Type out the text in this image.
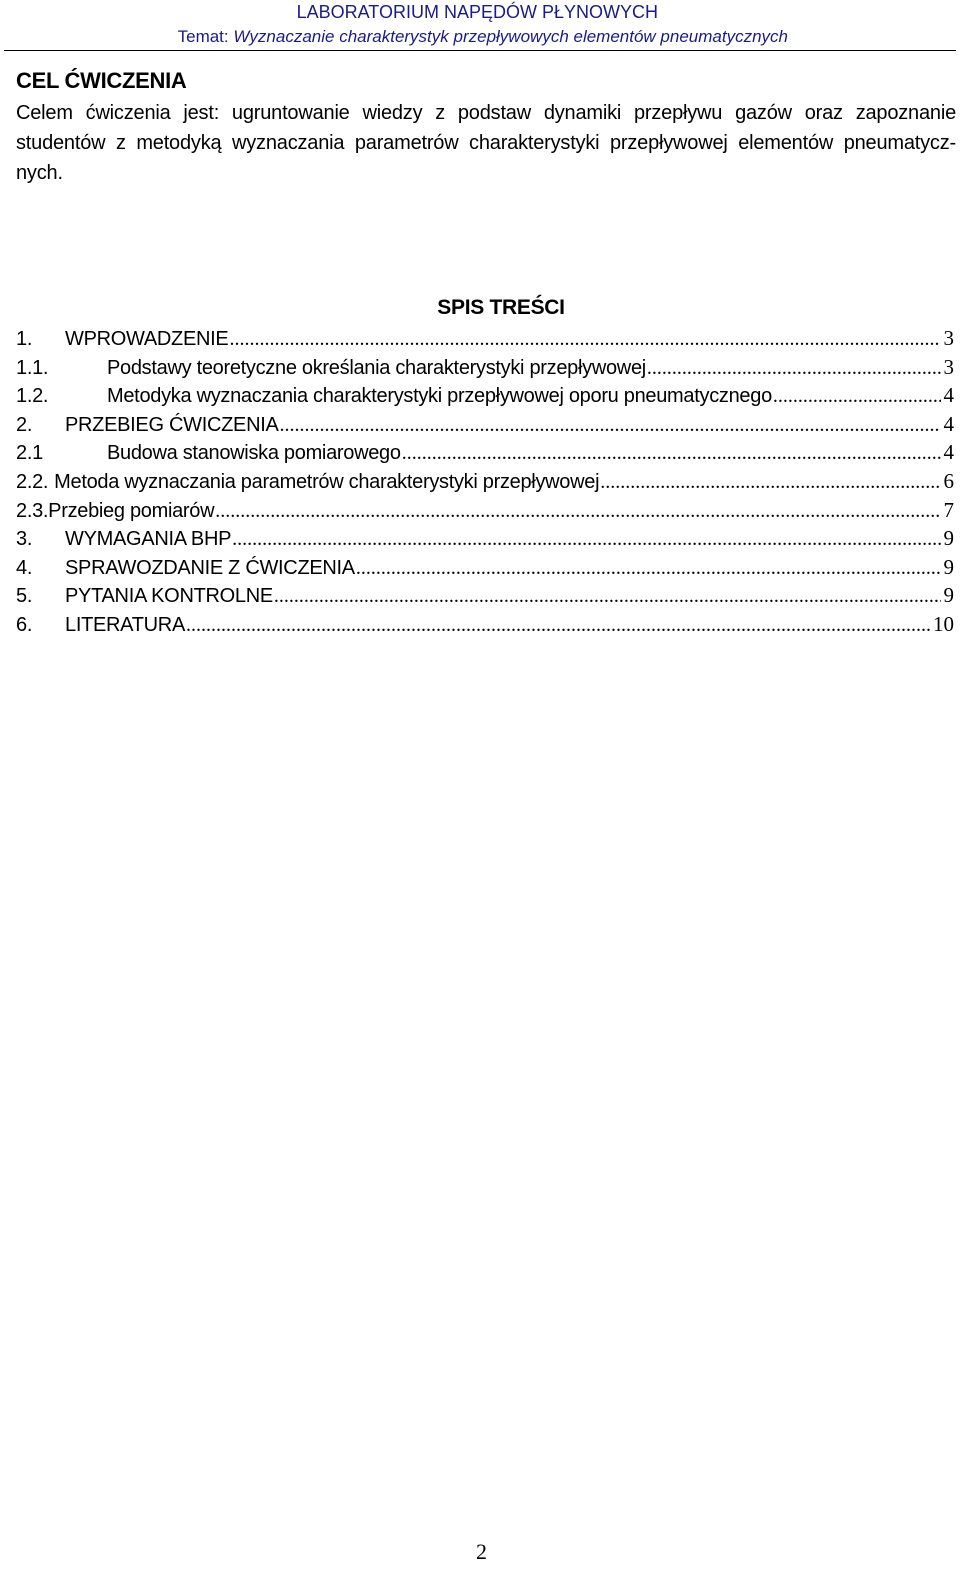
LABORATORIUM NAPĘDÓW PŁYNOWYCH
Temat: Wyznaczanie charakterystyk przepływowych elementów pneumatycznych
CEL ĆWICZENIA

Celem ćwiczenia jest: ugruntowanie wiedzy z podstaw dynamiki przepływu gazów oraz zapoznanie studentów z metodyką wyznaczania parametrów charakterystyki przepływowej elementów pneumatycz-nych.

SPIS TREŚCI
1.	WPROWADZENIE .....	3
1.1.	Podstawy teoretyczne określania charakterystyki przepływowej .....	3
1.2.	Metodyka wyznaczania charakterystyki przepływowej oporu pneumatycznego .....	4
2.	PRZEBIEG ĆWICZENIA .....	4
2.1	Budowa stanowiska pomiarowego .....	4
2.2. Metoda wyznaczania parametrów charakterystyki przepływowej .....	6
2.3. Przebieg pomiarów .....	7
3.	WYMAGANIA BHP .....	9
4.	SPRAWOZDANIE Z ĆWICZENIA .....	9
5.	PYTANIA KONTROLNE .....	9
6.	LITERATURA .....	10
2
